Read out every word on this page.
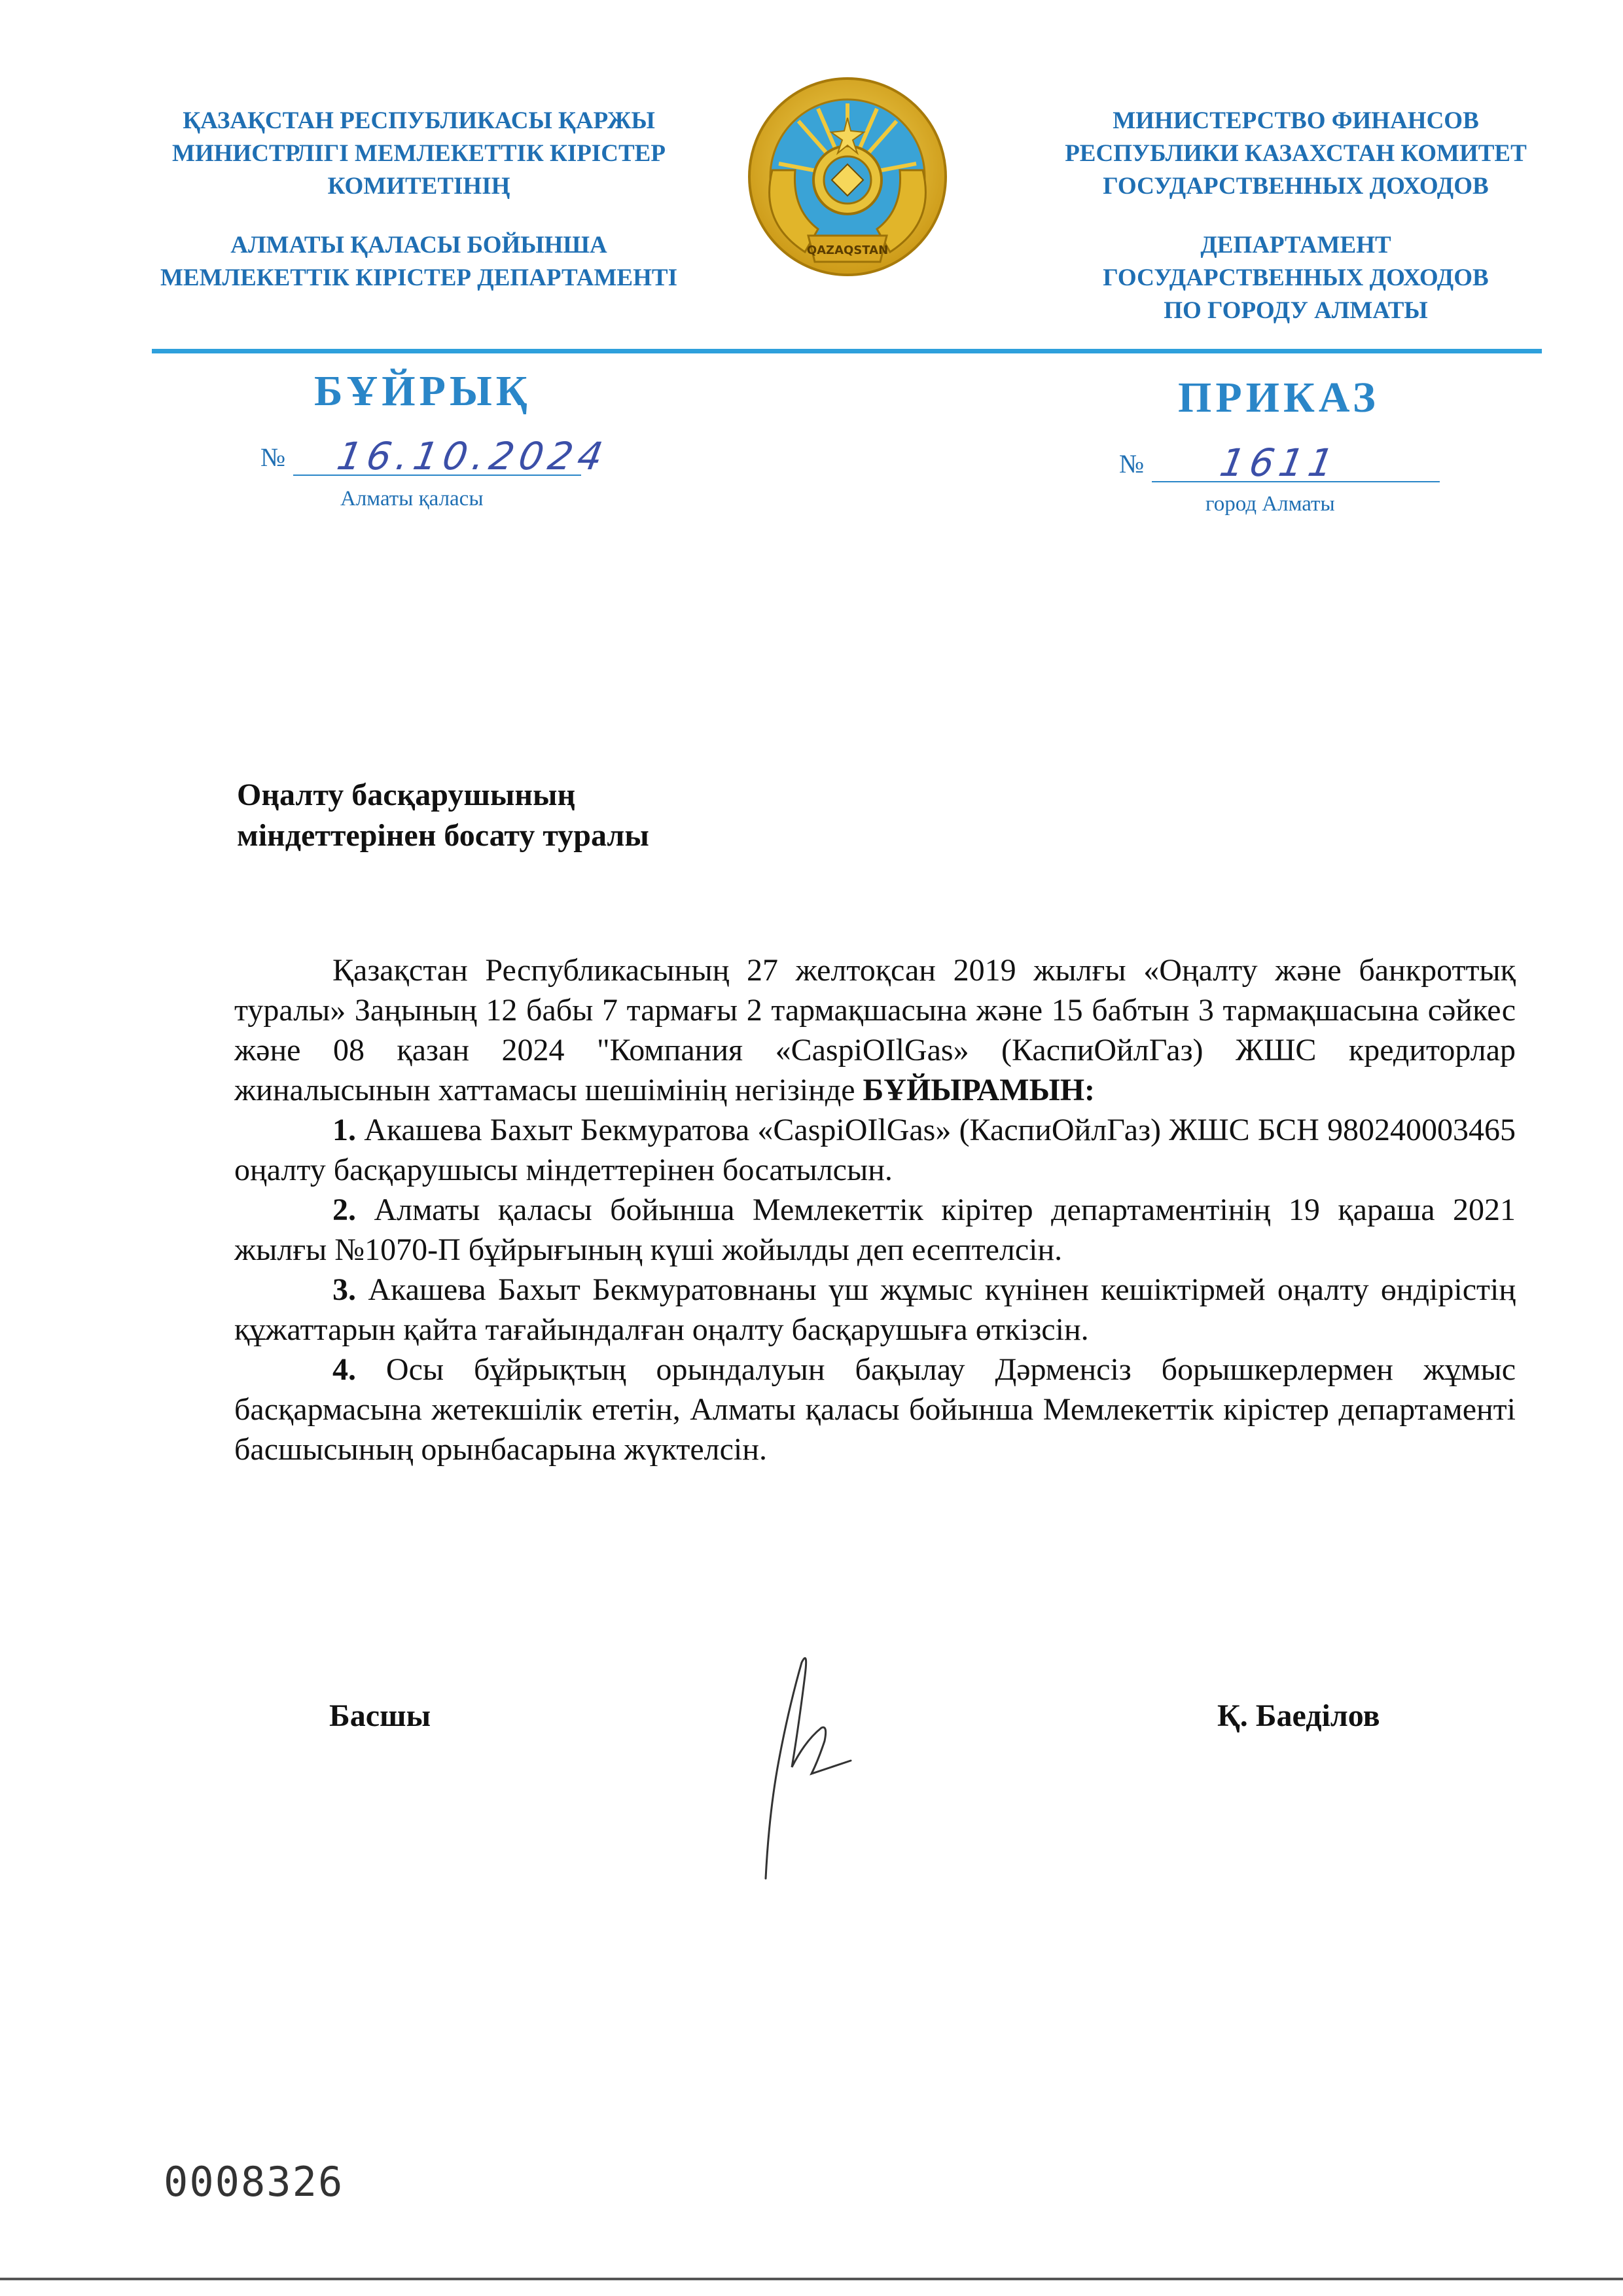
ҚАЗАҚСТАН РЕСПУБЛИКАСЫ ҚАРЖЫ
МИНИСТРЛІГІ МЕМЛЕКЕТТІК КІРІСТЕР
КОМИТЕТІНІҢ
АЛМАТЫ ҚАЛАСЫ БОЙЫНША
МЕМЛЕКЕТТІК КІРІСТЕР ДЕПАРТАМЕНТІ
QAZAQSTAN
МИНИСТЕРСТВО ФИНАНСОВ
РЕСПУБЛИКИ КАЗАХСТАН КОМИТЕТ
ГОСУДАРСТВЕННЫХ ДОХОДОВ
ДЕПАРТАМЕНТ
ГОСУДАРСТВЕННЫХ ДОХОДОВ
ПО ГОРОДУ АЛМАТЫ
БҰЙРЫҚ	ПРИКАЗ
№ 16.10.2024	№ 1611
Алматы қаласы	город Алматы
Оңалту басқарушының
міндеттерінен босату туралы

Қазақстан Республикасының 27 желтоқсан 2019 жылғы «Оңалту және банкроттық туралы» Заңының 12 бабы 7 тармағы 2 тармақшасына және 15 бабтын 3 тармақшасына сәйкес және 08 қазан 2024 "Компания «CaspiOIlGas» (КаспиОйлГаз) ЖШС кредиторлар жиналысынын хаттамасы шешімінің негізінде БҰЙЫРАМЫН:

1. Акашева Бахыт Бекмуратова «CaspiOIlGas» (КаспиОйлГаз) ЖШС БСН 980240003465 оңалту басқарушысы міндеттерінен босатылсын.

2. Алматы қаласы бойынша Мемлекеттік кірітер департаментінің 19 қараша 2021 жылғы №1070-П бұйрығының күші жойылды деп есептелсін.

3. Акашева Бахыт Бекмуратовнаны үш жұмыс күнінен кешіктірмей оңалту өндірістің құжаттарын қайта тағайындалған оңалту басқарушыға өткізсін.

4. Осы бұйрықтың орындалуын бақылау Дәрменсіз борышкерлермен жұмыс басқармасына жетекшілік ететін, Алматы қаласы бойынша Мемлекеттік кірістер департаменті басшысының орынбасарына жүктелсін.

Басшы	Қ. Баеділов
0008326
